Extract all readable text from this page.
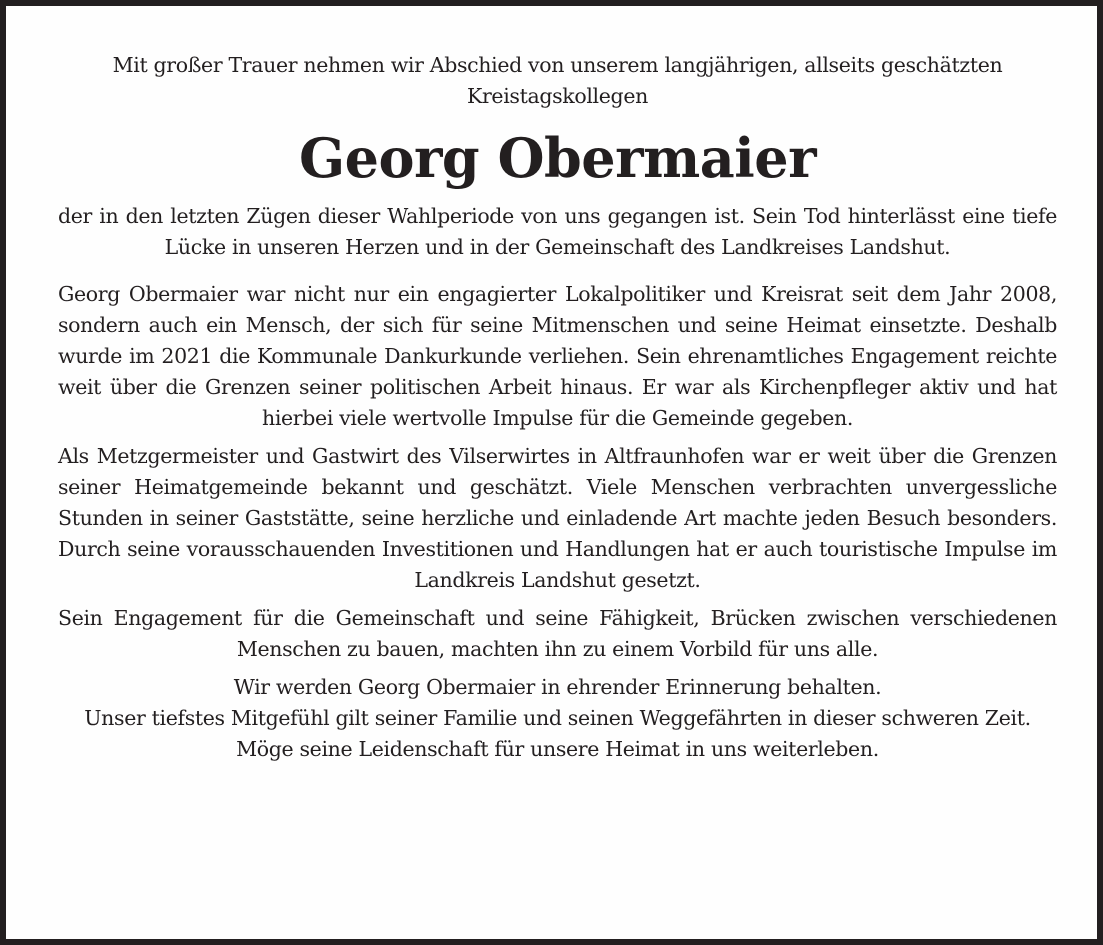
Mit großer Trauer nehmen wir Abschied von unserem langjährigen, allseits geschätzten Kreistagskollegen

Georg Obermaier

der in den letzten Zügen dieser Wahlperiode von uns gegangen ist. Sein Tod hinterlässt eine tiefe Lücke in unseren Herzen und in der Gemeinschaft des Landkreises Landshut.

Georg Obermaier war nicht nur ein engagierter Lokalpolitiker und Kreisrat seit dem Jahr 2008, sondern auch ein Mensch, der sich für seine Mitmenschen und seine Heimat einsetzte. Deshalb wurde im 2021 die Kommunale Dankurkunde verliehen. Sein ehrenamtliches Engagement reichte weit über die Grenzen seiner politischen Arbeit hinaus. Er war als Kirchenpfleger aktiv und hat hierbei viele wertvolle Impulse für die Gemeinde gegeben.

Als Metzgermeister und Gastwirt des Vilserwirtes in Altfraunhofen war er weit über die Grenzen seiner Heimatgemeinde bekannt und geschätzt. Viele Menschen verbrachten unvergessliche Stunden in seiner Gaststätte, seine herzliche und einladende Art machte jeden Besuch besonders. Durch seine vorausschauenden Investitionen und Handlungen hat er auch touristische Impulse im Landkreis Landshut gesetzt.

Sein Engagement für die Gemeinschaft und seine Fähigkeit, Brücken zwischen verschiedenen Menschen zu bauen, machten ihn zu einem Vorbild für uns alle.

Wir werden Georg Obermaier in ehrender Erinnerung behalten.
Unser tiefstes Mitgefühl gilt seiner Familie und seinen Weggefährten in dieser schweren Zeit. Möge seine Leidenschaft für unsere Heimat in uns weiterleben.
